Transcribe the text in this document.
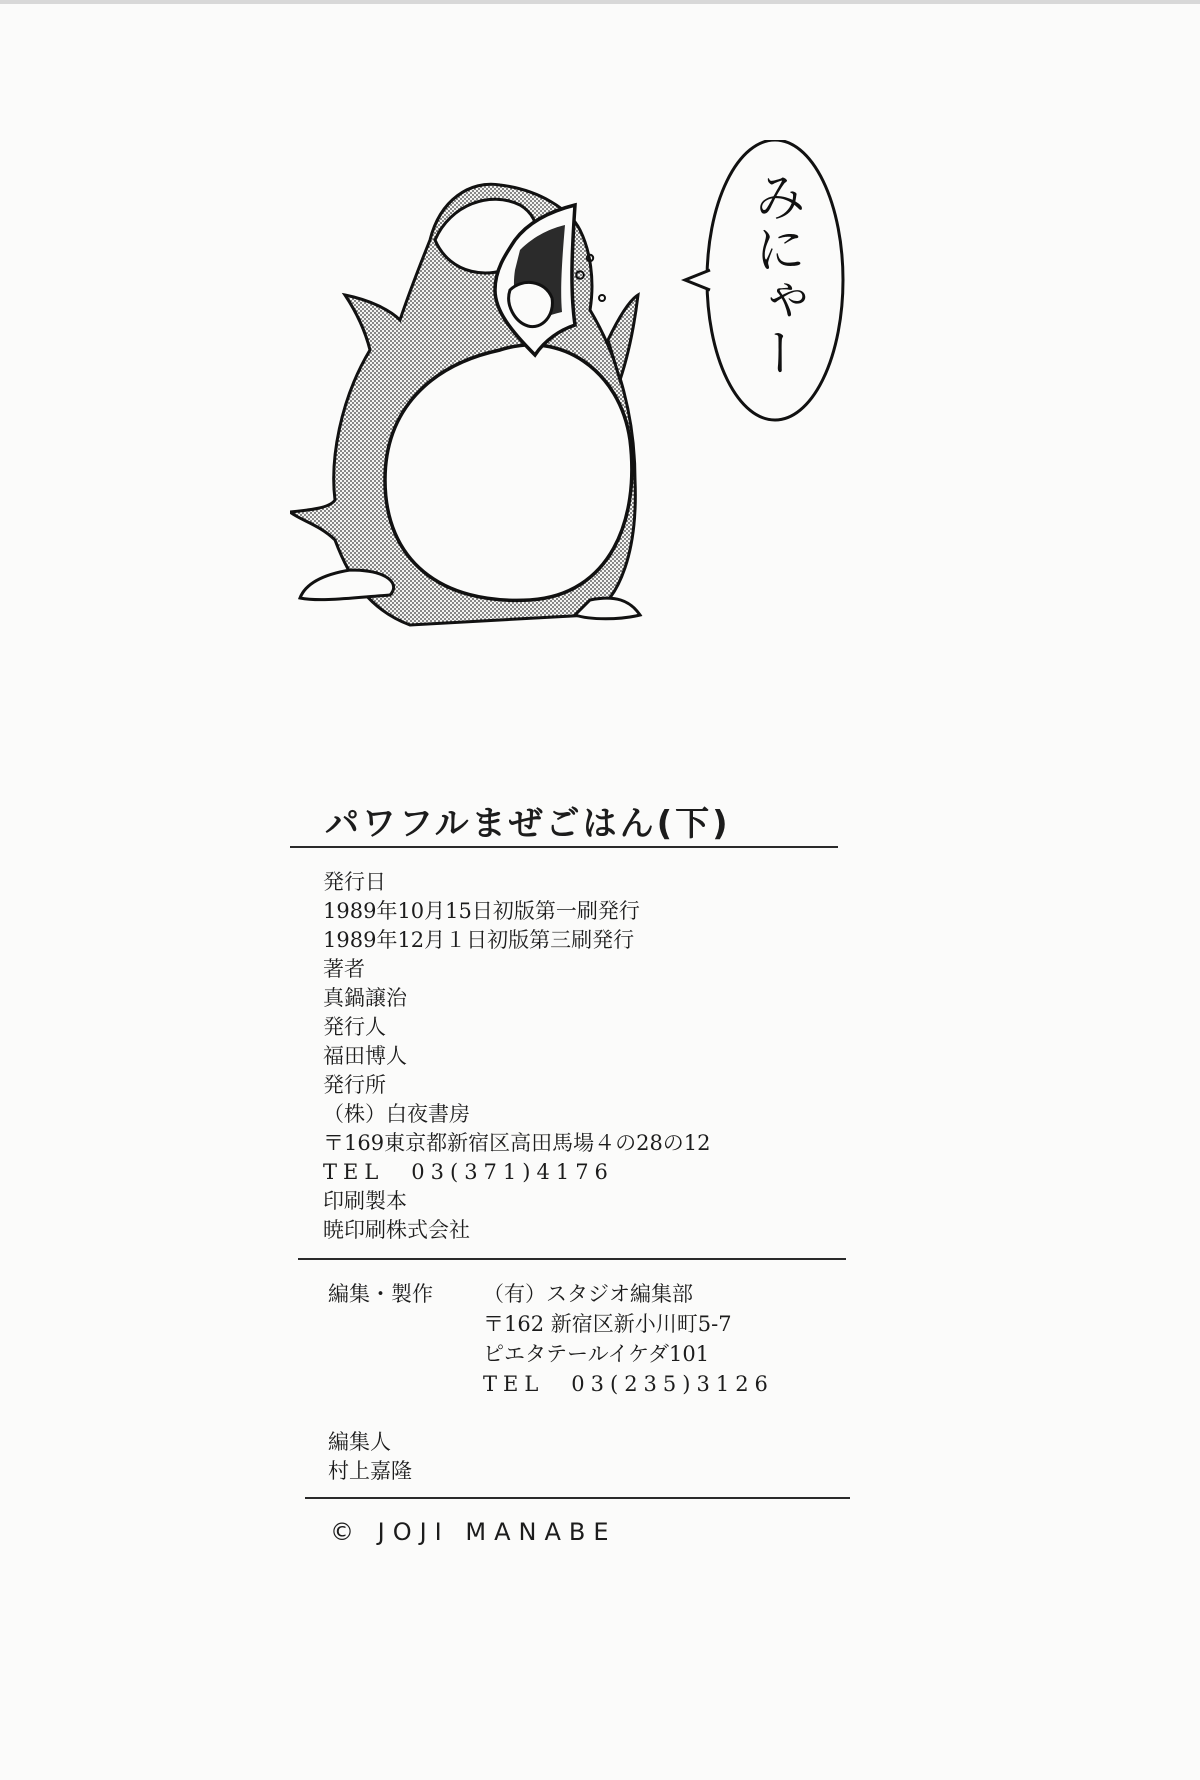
みにゃー
パワフルまぜごはん(下)
発行日
1989年10月15日初版第一刷発行
1989年12月１日初版第三刷発行
著者
真鍋譲治
発行人
福田博人
発行所
（株）白夜書房
〒169東京都新宿区高田馬場４の28の12
TEL　03(371)4176
印刷製本
暁印刷株式会社
編集・製作 （有）スタジオ編集部
〒162 新宿区新小川町5-7
ピエタテールイケダ101
TEL　03(235)3126
編集人
村上嘉隆
© JOJI MANABE
